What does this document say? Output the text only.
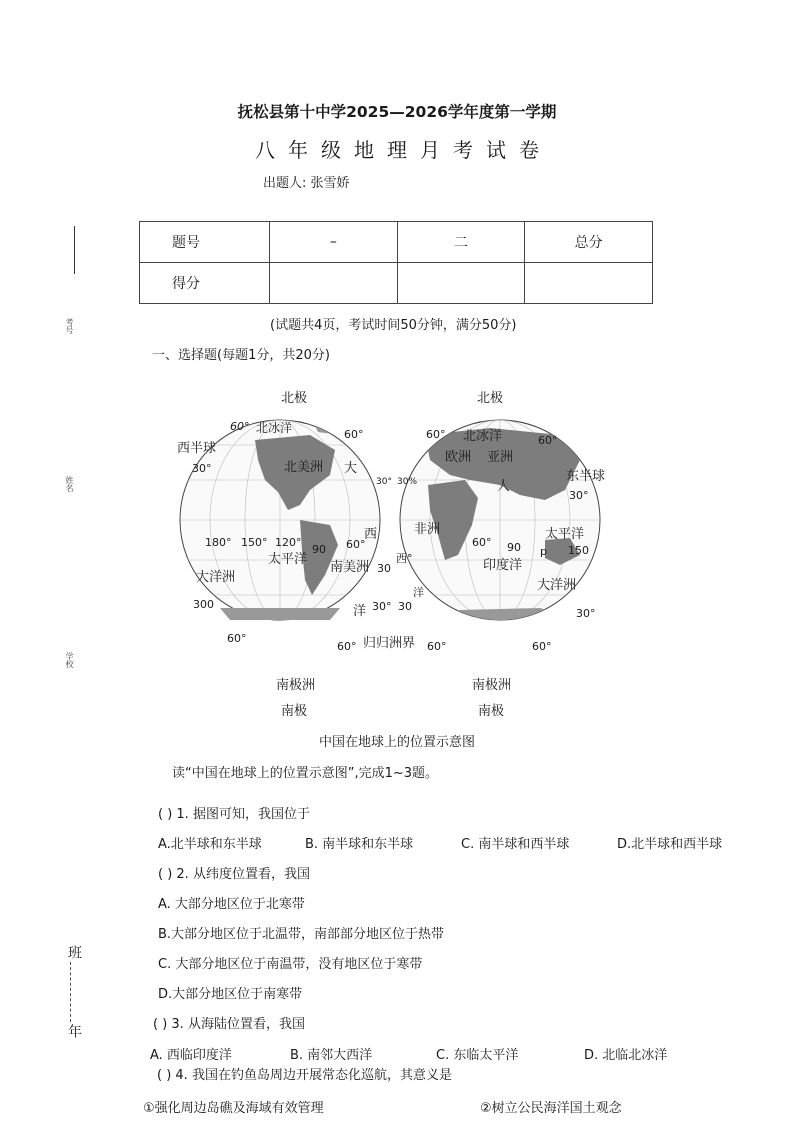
抚松县第十中学2025—2026学年度第一学期
八年级地理月考试卷
出题人: 张雪娇
题号	–	二	总分
得分			
(试题共4页，考试时间50分钟，满分50分)
一、选择题(每题1分，共20分)
考号
姓名
学校
班
年
北极
西半球
北冰洋
北美洲 大
西
太平洋
南美洲
大洋洲
洋
南极洲
南极
北极
北冰洋
欧洲 亚洲
东半球
人
非洲	太平洋
印度洋
大洋洲
南极洲
南极
归归洲界
60°
60°
30°
30°
180° 150° 120°
90 60°
30
300	30° 30
60°
60°
60°	60°
30%
30°
60° 90	150
30°
60°	60°
西°
洋
p
中国在地球上的位置示意图
读“中国在地球上的位置示意图”,完成1~3题。
( ) 1. 据图可知，我国位于
A.北半球和东半球	B. 南半球和东半球	C. 南半球和西半球	D.北半球和西半球
( ) 2. 从纬度位置看，我国
A. 大部分地区位于北寒带
B.大部分地区位于北温带，南部部分地区位于热带
C. 大部分地区位于南温带，没有地区位于寒带
D.大部分地区位于南寒带
( ) 3. 从海陆位置看，我国
A. 西临印度洋	B. 南邻大西洋	C. 东临太平洋	D. 北临北冰洋
( ) 4. 我国在钓鱼岛周边开展常态化巡航，其意义是
①强化周边岛礁及海域有效管理	②树立公民海洋国土观念
